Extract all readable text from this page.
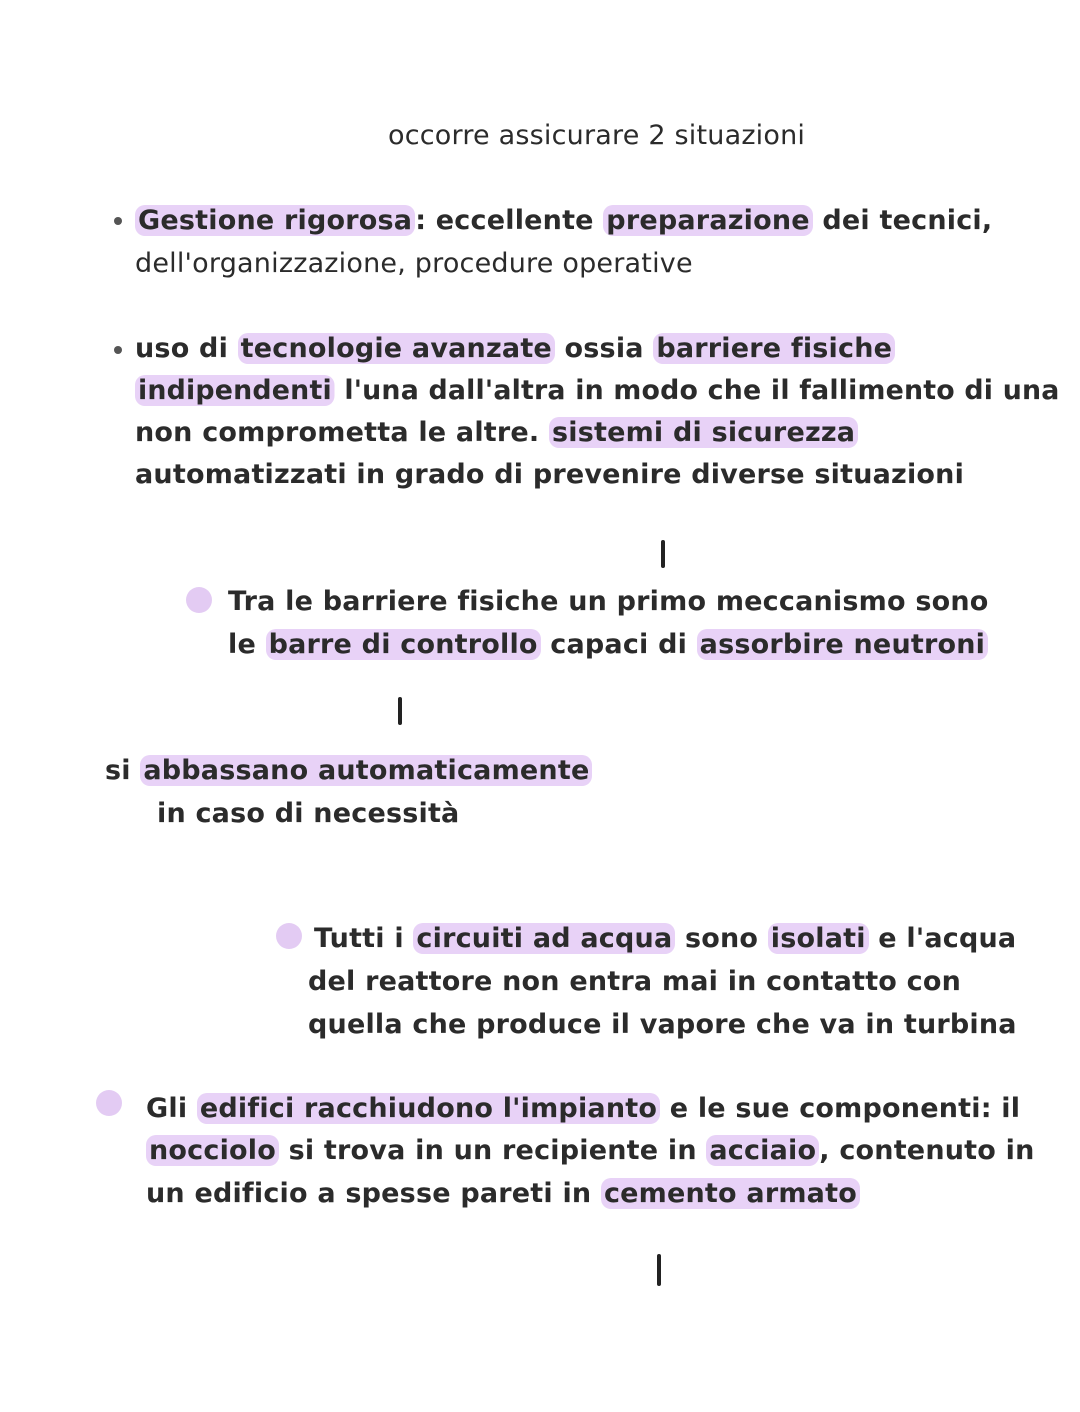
occorre assicurare 2 situazioni
Gestione rigorosa : eccellente preparazione dei tecnici,
dell'organizzazione, procedure operative
uso di tecnologie avanzate ossia barriere fisiche
indipendenti l'una dall'altra in modo che il fallimento di una
non comprometta le altre. sistemi di sicurezza
automatizzati in grado di prevenire diverse situazioni
Tra le barriere fisiche un primo meccanismo sono
le barre di controllo capaci di assorbire neutroni
si abbassano automaticamente
in caso di necessità
Tutti i circuiti ad acqua sono isolati e l'acqua
del reattore non entra mai in contatto con
quella che produce il vapore che va in turbina
Gli edifici racchiudono l'impianto e le sue componenti: il
nocciolo si trova in un recipiente in acciaio , contenuto in
un edificio a spesse pareti in cemento armato
